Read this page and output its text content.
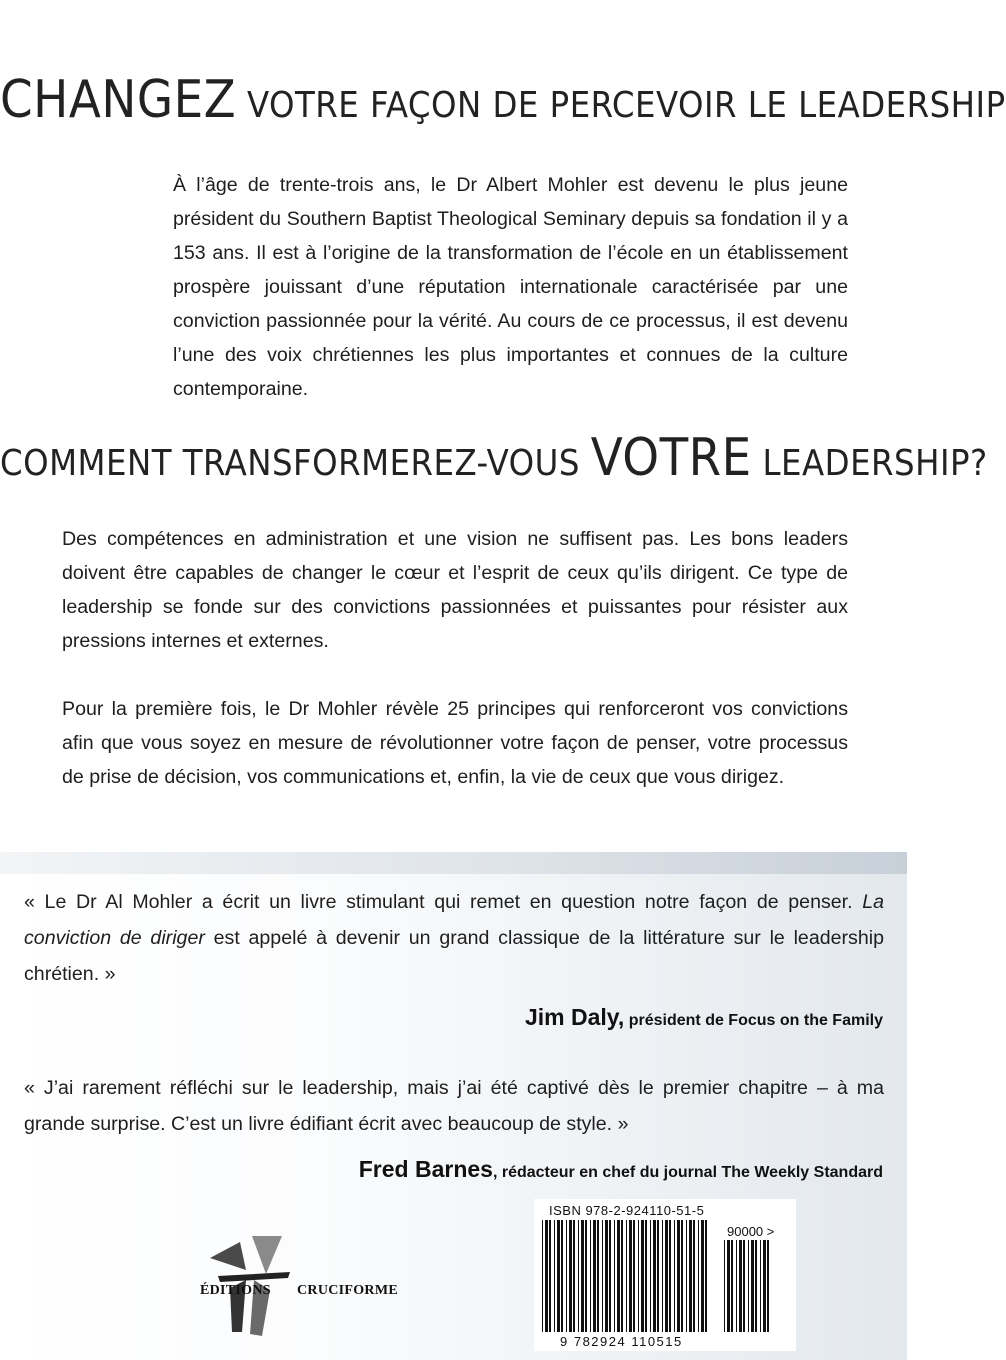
CHANGEZ VOTRE FAÇON DE PERCEVOIR LE LEADERSHIP
À l’âge de trente-trois ans, le Dr Albert Mohler est devenu le plus jeune président du Southern Baptist Theological Seminary depuis sa fondation il y a 153 ans. Il est à l’origine de la transformation de l’école en un établissement prospère jouissant d’une réputation internationale caractérisée par une conviction passionnée pour la vérité. Au cours de ce processus, il est devenu l’une des voix chrétiennes les plus importantes et connues de la culture contemporaine.
COMMENT TRANSFORMEREZ-VOUS VOTRE LEADERSHIP?
Des compétences en administration et une vision ne suffisent pas. Les bons leaders doivent être capables de changer le cœur et l’esprit de ceux qu’ils dirigent. Ce type de leadership se fonde sur des convictions passionnées et puissantes pour résister aux pressions internes et externes.
Pour la première fois, le Dr Mohler révèle 25 principes qui renforceront vos convictions afin que vous soyez en mesure de révolutionner votre façon de penser, votre processus de prise de décision, vos communications et, enfin, la vie de ceux que vous dirigez.
« Le Dr Al Mohler a écrit un livre stimulant qui remet en question notre façon de penser. La conviction de diriger est appelé à devenir un grand classique de la littérature sur le leadership chrétien. »
Jim Daly, président de Focus on the Family
« J’ai rarement réfléchi sur le leadership, mais j’ai été captivé dès le premier chapitre – à ma grande surprise. C’est un livre édifiant écrit avec beaucoup de style. »
Fred Barnes, rédacteur en chef du journal The Weekly Standard
ÉDITIONS CRUCIFORME
ISBN 978-2-924110-51-5
90000 >
9 782924 110515
